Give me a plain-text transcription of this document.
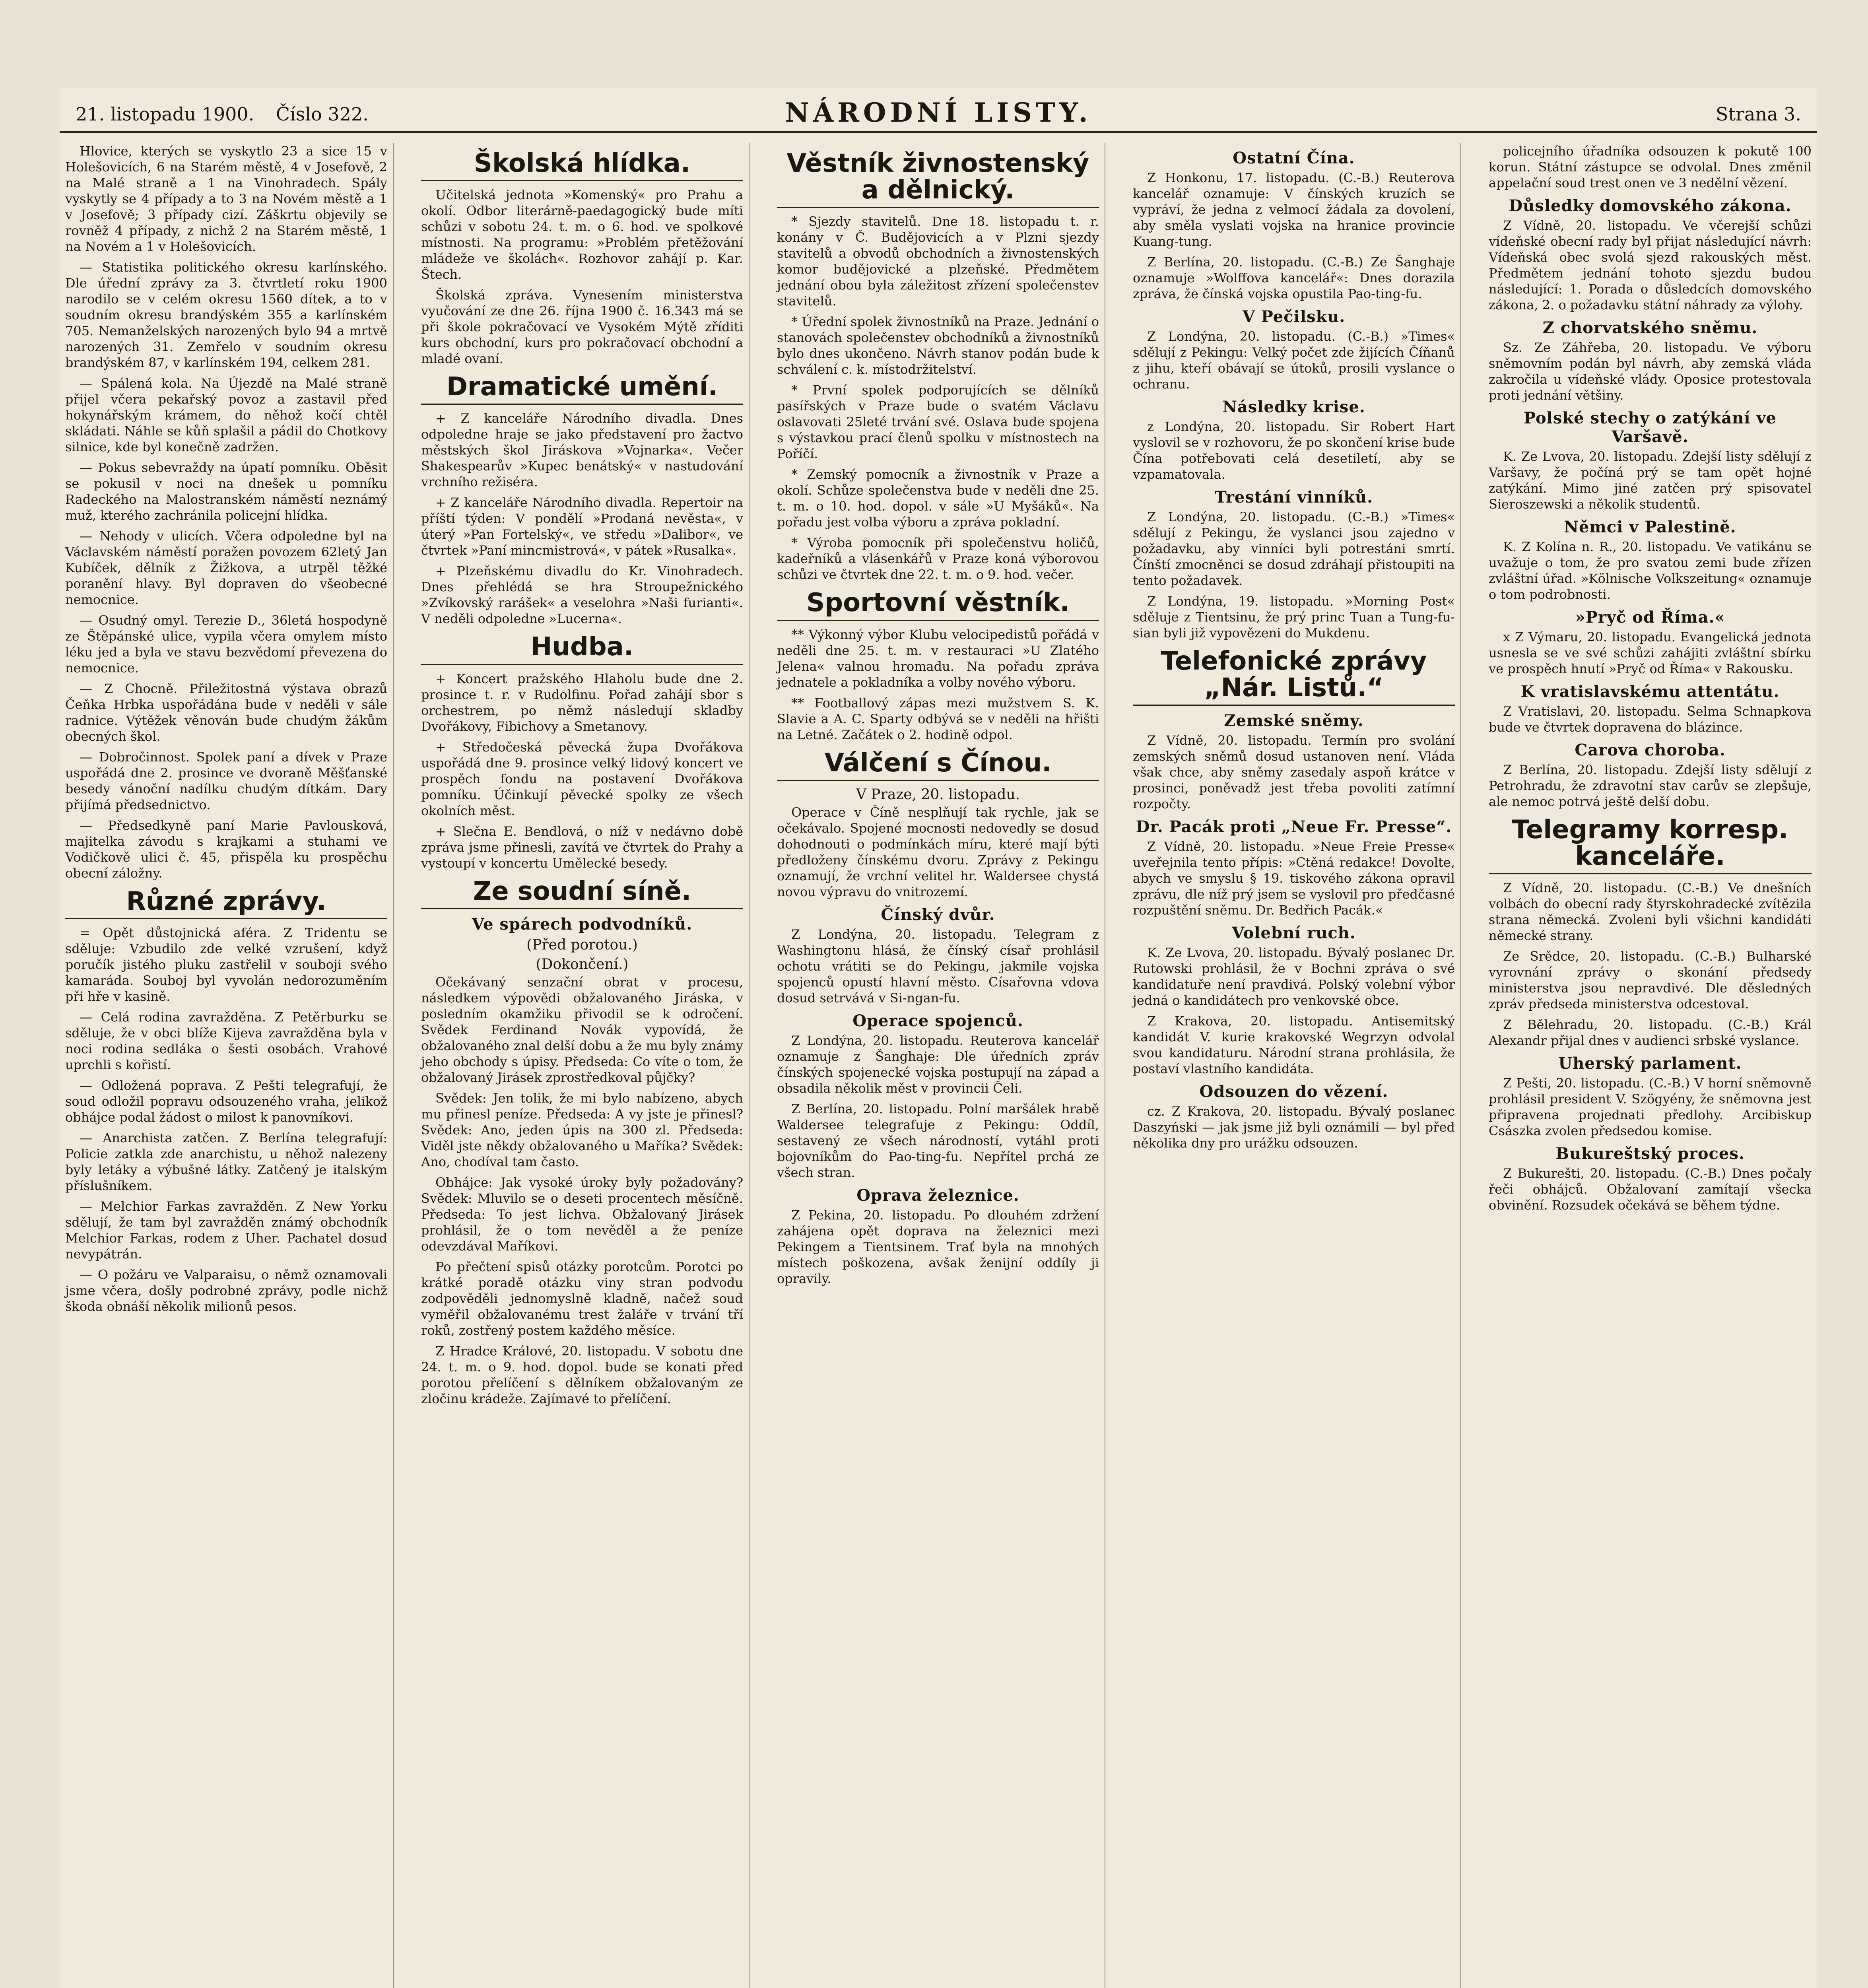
21. listopadu 1900. Číslo 322.	NÁRODNÍ LISTY.	Strana 3.

Hlovice, kterých se vyskytlo 23 a sice 15 v Holešovicích, 6 na Starém městě, 4 v Josefově, 2 na Malé straně a 1 na Vinohradech. Spály vyskytly se 4 případy a to 3 na Novém městě a 1 v Josefově; 3 případy cizí. Záškrtu objevily se rovněž 4 případy, z nichž 2 na Starém městě, 1 na Novém a 1 v Holešovicích.

— Statistika politického okresu karlínského. Dle úřední zprávy za 3. čtvrtletí roku 1900 narodilo se v celém okresu 1560 dítek, a to v soudním okresu brandýském 355 a karlínském 705. Nemanželských narozených bylo 94 a mrtvě narozených 31. Zemřelo v soudním okresu brandýském 87, v karlínském 194, celkem 281.

— Spálená kola. Na Újezdě na Malé straně přijel včera pekařský povoz a zastavil před hokynářským krámem, do něhož kočí chtěl skládati. Náhle se kůň splašil a pádil do Chotkovy silnice, kde byl konečně zadržen.

— Pokus sebevraždy na úpatí pomníku. Oběsit se pokusil v noci na dnešek u pomníku Radeckého na Malostranském náměstí neznámý muž, kterého zachránila policejní hlídka.

— Nehody v ulicích. Včera odpoledne byl na Václavském náměstí poražen povozem 62letý Jan Kubíček, dělník z Žižkova, a utrpěl těžké poranění hlavy. Byl dopraven do všeobecné nemocnice.

— Osudný omyl. Terezie D., 36letá hospodyně ze Štěpánské ulice, vypila včera omylem místo léku jed a byla ve stavu bezvědomí převezena do nemocnice.

— Z Chocně. Přiležitostná výstava obrazů Čeňka Hrbka uspořádána bude v neděli v sále radnice. Výtěžek věnován bude chudým žákům obecných škol.

— Dobročinnost. Spolek paní a dívek v Praze uspořádá dne 2. prosince ve dvoraně Měšťanské besedy vánoční nadílku chudým dítkám. Dary přijímá předsednictvo.

— Předsedkyně paní Marie Pavlousková, majitelka závodu s krajkami a stuhami ve Vodičkově ulici č. 45, přispěla ku prospěchu obecní záložny.

Různé zprávy.

= Opět důstojnická aféra. Z Tridentu se sděluje: Vzbudilo zde velké vzrušení, když poručík jistého pluku zastřelil v souboji svého kamaráda. Souboj byl vyvolán nedorozuměním při hře v kasině.

— Celá rodina zavražděna. Z Petěrburku se sděluje, že v obci blíže Kijeva zavražděna byla v noci rodina sedláka o šesti osobách. Vrahové uprchli s kořistí.

— Odložená poprava. Z Pešti telegrafují, že soud odložil popravu odsouzeného vraha, jelikož obhájce podal žádost o milost k panovníkovi.

— Anarchista zatčen. Z Berlína telegrafují: Policie zatkla zde anarchistu, u něhož nalezeny byly letáky a výbušné látky. Zatčený je italským příslušníkem.

— Melchior Farkas zavražděn. Z New Yorku sdělují, že tam byl zavražděn známý obchodník Melchior Farkas, rodem z Uher. Pachatel dosud nevypátrán.

— O požáru ve Valparaisu, o němž oznamovali jsme včera, došly podrobné zprávy, podle nichž škoda obnáší několik milionů pesos.

Školská hlídka.

Učitelská jednota »Komenský« pro Prahu a okolí. Odbor literárně-paedagogický bude míti schůzi v sobotu 24. t. m. o 6. hod. ve spolkové místnosti. Na programu: »Problém přetěžování mládeže ve školách«. Rozhovor zahájí p. Kar. Štech.

Školská zpráva. Vynesením ministerstva vyučování ze dne 26. října 1900 č. 16.343 má se při škole pokračovací ve Vysokém Mýtě zříditi kurs obchodní, kurs pro pokračovací obchodní a mladé ovaní.

Dramatické umění.

+ Z kanceláře Národního divadla. Dnes odpoledne hraje se jako představení pro žactvo městských škol Jiráskova »Vojnarka«. Večer Shakespearův »Kupec benátský« v nastudování vrchního režiséra.

+ Z kanceláře Národního divadla. Repertoir na příští týden: V pondělí »Prodaná nevěsta«, v úterý »Pan Fortelský«, ve středu »Dalibor«, ve čtvrtek »Paní mincmistrová«, v pátek »Rusalka«.

+ Plzeňskému divadlu do Kr. Vinohradech. Dnes přehlédá se hra Stroupežnického »Zvíkovský rarášek« a veselohra »Naši furianti«. V neděli odpoledne »Lucerna«.

Hudba.

+ Koncert pražského Hlaholu bude dne 2. prosince t. r. v Rudolfinu. Pořad zahájí sbor s orchestrem, po němž následují skladby Dvořákovy, Fibichovy a Smetanovy.

+ Středočeská pěvecká župa Dvořákova uspořádá dne 9. prosince velký lidový koncert ve prospěch fondu na postavení Dvořákova pomníku. Účinkují pěvecké spolky ze všech okolních měst.

+ Slečna E. Bendlová, o níž v nedávno době zpráva jsme přinesli, zavítá ve čtvrtek do Prahy a vystoupí v koncertu Umělecké besedy.

Ze soudní síně.
Ve spárech podvodníků.
(Před porotou.)
(Dokončení.)

Očekávaný senzační obrat v procesu, následkem výpovědi obžalovaného Jiráska, v posledním okamžiku přivodil se k odročení. Svědek Ferdinand Novák vypovídá, že obžalovaného znal delší dobu a že mu byly známy jeho obchody s úpisy. Předseda: Co víte o tom, že obžalovaný Jirásek zprostředkoval půjčky?

Svědek: Jen tolik, že mi bylo nabízeno, abych mu přinesl peníze. Předseda: A vy jste je přinesl? Svědek: Ano, jeden úpis na 300 zl. Předseda: Viděl jste někdy obžalovaného u Maříka? Svědek: Ano, chodíval tam často.

Obhájce: Jak vysoké úroky byly požadovány? Svědek: Mluvilo se o deseti procentech měsíčně. Předseda: To jest lichva. Obžalovaný Jirásek prohlásil, že o tom nevěděl a že peníze odevzdával Maříkovi.

Po přečtení spisů otázky porotcům. Porotci po krátké poradě otázku viny stran podvodu zodpověděli jednomyslně kladně, načež soud vyměřil obžalovanému trest žaláře v trvání tří roků, zostřený postem každého měsíce.

Z Hradce Králové, 20. listopadu. V sobotu dne 24. t. m. o 9. hod. dopol. bude se konati před porotou přelíčení s dělníkem obžalovaným ze zločinu krádeže. Zajímavé to přelíčení.

Věstník živnostenský a dělnický.

* Sjezdy stavitelů. Dne 18. listopadu t. r. konány v Č. Budějovicích a v Plzni sjezdy stavitelů a obvodů obchodních a živnostenských komor budějovické a plzeňské. Předmětem jednání obou byla záležitost zřízení společenstev stavitelů.

* Úřední spolek živnostníků na Praze. Jednání o stanovách společenstev obchodníků a živnostníků bylo dnes ukončeno. Návrh stanov podán bude k schválení c. k. místodržitelství.

* První spolek podporujících se dělníků pasířských v Praze bude o svatém Václavu oslavovati 25leté trvání své. Oslava bude spojena s výstavkou prací členů spolku v místnostech na Poříčí.

* Zemský pomocník a živnostník v Praze a okolí. Schůze společenstva bude v neděli dne 25. t. m. o 10. hod. dopol. v sále »U Myšáků«. Na pořadu jest volba výboru a zpráva pokladní.

* Výroba pomocník při společenstvu holičů, kadeřníků a vlásenkářů v Praze koná výborovou schůzi ve čtvrtek dne 22. t. m. o 9. hod. večer.

Sportovní věstník.

** Výkonný výbor Klubu velocipedistů pořádá v neděli dne 25. t. m. v restauraci »U Zlatého Jelena« valnou hromadu. Na pořadu zpráva jednatele a pokladníka a volby nového výboru.

** Footballový zápas mezi mužstvem S. K. Slavie a A. C. Sparty odbývá se v neděli na hřišti na Letné. Začátek o 2. hodině odpol.

Válčení s Čínou.
V Praze, 20. listopadu.

Operace v Číně nesplňují tak rychle, jak se očekávalo. Spojené mocnosti nedovedly se dosud dohodnouti o podmínkách míru, které mají býti předloženy čínskému dvoru. Zprávy z Pekingu oznamují, že vrchní velitel hr. Waldersee chystá novou výpravu do vnitrozemí.

Čínský dvůr.

Z Londýna, 20. listopadu. Telegram z Washingtonu hlásá, že čínský císař prohlásil ochotu vrátiti se do Pekingu, jakmile vojska spojenců opustí hlavní město. Císařovna vdova dosud setrvává v Si-ngan-fu.

Operace spojenců.

Z Londýna, 20. listopadu. Reuterova kancelář oznamuje z Šanghaje: Dle úředních zpráv čínských spojenecké vojska postupují na západ a obsadila několik měst v provincii Čeli.

Z Berlína, 20. listopadu. Polní maršálek hrabě Waldersee telegrafuje z Pekingu: Oddíl, sestavený ze všech národností, vytáhl proti bojovníkům do Pao-ting-fu. Nepřítel prchá ze všech stran.

Oprava železnice.

Z Pekina, 20. listopadu. Po dlouhém zdržení zahájena opět doprava na železnici mezi Pekingem a Tientsinem. Trať byla na mnohých místech poškozena, avšak ženijní oddíly ji opravily.

Ostatní Čína.

Z Honkonu, 17. listopadu. (C.-B.) Reuterova kancelář oznamuje: V čínských kruzích se vypráví, že jedna z velmocí žádala za dovolení, aby směla vyslati vojska na hranice provincie Kuang-tung.

Z Berlína, 20. listopadu. (C.-B.) Ze Šanghaje oznamuje »Wolffova kancelář«: Dnes dorazila zpráva, že čínská vojska opustila Pao-ting-fu.

V Pečilsku.

Z Londýna, 20. listopadu. (C.-B.) »Times« sdělují z Pekingu: Velký počet zde žijících Číňanů z jihu, kteří obávají se útoků, prosili vyslance o ochranu.

Následky krise.

z Londýna, 20. listopadu. Sir Robert Hart vyslovil se v rozhovoru, že po skončení krise bude Čína potřebovati celá desetiletí, aby se vzpamatovala.

Trestání vinníků.

Z Londýna, 20. listopadu. (C.-B.) »Times« sdělují z Pekingu, že vyslanci jsou zajedno v požadavku, aby vinníci byli potrestáni smrtí. Čínští zmocněnci se dosud zdráhají přistoupiti na tento požadavek.

Z Londýna, 19. listopadu. »Morning Post« sděluje z Tientsinu, že prý princ Tuan a Tung-fu-sian byli již vypovězeni do Mukdenu.

Telefonické zprávy „Nár. Listů.“
Zemské sněmy.

Z Vídně, 20. listopadu. Termín pro svolání zemských sněmů dosud ustanoven není. Vláda však chce, aby sněmy zasedaly aspoň krátce v prosinci, poněvadž jest třeba povoliti zatímní rozpočty.

Dr. Pacák proti „Neue Fr. Presse“.

Z Vídně, 20. listopadu. »Neue Freie Presse« uveřejnila tento přípis: »Ctěná redakce! Dovolte, abych ve smyslu § 19. tiskového zákona opravil zprávu, dle níž prý jsem se vyslovil pro předčasné rozpuštění sněmu. Dr. Bedřich Pacák.«

Volební ruch.

K. Ze Lvova, 20. listopadu. Bývalý poslanec Dr. Rutowski prohlásil, že v Bochni zpráva o své kandidatuře není pravdivá. Polský volební výbor jedná o kandidátech pro venkovské obce.

Z Krakova, 20. listopadu. Antisemitský kandidát V. kurie krakovské Wegrzyn odvolal svou kandidaturu. Národní strana prohlásila, že postaví vlastního kandidáta.

Odsouzen do vězení.

cz. Z Krakova, 20. listopadu. Bývalý poslanec Daszyński — jak jsme již byli oznámili — byl před několika dny pro urážku odsouzen.

policejního úřadníka odsouzen k pokutě 100 korun. Státní zástupce se odvolal. Dnes změnil appelační soud trest onen ve 3 nedělní vězení.

Důsledky domovského zákona.

Z Vídně, 20. listopadu. Ve včerejší schůzi vídeňské obecní rady byl přijat následující návrh: Vídeňská obec svolá sjezd rakouských měst. Předmětem jednání tohoto sjezdu budou následující: 1. Porada o důsledcích domovského zákona, 2. o požadavku státní náhrady za výlohy.

Z chorvatského sněmu.

Sz. Ze Záhřeba, 20. listopadu. Ve výboru sněmovním podán byl návrh, aby zemská vláda zakročila u vídeňské vlády. Oposice protestovala proti jednání většiny.

Polské stechy o zatýkání ve Varšavě.

K. Ze Lvova, 20. listopadu. Zdejší listy sdělují z Varšavy, že počíná prý se tam opět hojné zatýkání. Mimo jiné zatčen prý spisovatel Sieroszewski a několik studentů.

Němci v Palestině.

K. Z Kolína n. R., 20. listopadu. Ve vatikánu se uvažuje o tom, že pro svatou zemi bude zřízen zvláštní úřad. »Kölnische Volkszeitung« oznamuje o tom podrobnosti.

»Pryč od Říma.«

x Z Výmaru, 20. listopadu. Evangelická jednota usnesla se ve své schůzi zahájiti zvláštní sbírku ve prospěch hnutí »Pryč od Říma« v Rakousku.

K vratislavskému attentátu.

Z Vratislavi, 20. listopadu. Selma Schnapkova bude ve čtvrtek dopravena do blázince.

Carova choroba.

Z Berlína, 20. listopadu. Zdejší listy sdělují z Petrohradu, že zdravotní stav carův se zlepšuje, ale nemoc potrvá ještě delší dobu.

Telegramy korresp. kanceláře.

Z Vídně, 20. listopadu. (C.-B.) Ve dnešních volbách do obecní rady štyrskohradecké zvítězila strana německá. Zvoleni byli všichni kandidáti německé strany.

Ze Srědce, 20. listopadu. (C.-B.) Bulharské vyrovnání zprávy o skonání předsedy ministerstva jsou nepravdivé. Dle děsledných zpráv předseda ministerstva odcestoval.

Z Bělehradu, 20. listopadu. (C.-B.) Král Alexandr přijal dnes v audienci srbské vyslance.

Uherský parlament.

Z Pešti, 20. listopadu. (C.-B.) V horní sněmovně prohlásil president V. Szögyény, že sněmovna jest připravena projednati předlohy. Arcibiskup Császka zvolen předsedou komise.

Bukureštský proces.

Z Bukurešti, 20. listopadu. (C.-B.) Dnes počaly řeči obhájců. Obžalovaní zamítají všecka obvinění. Rozsudek očekává se během týdne.
